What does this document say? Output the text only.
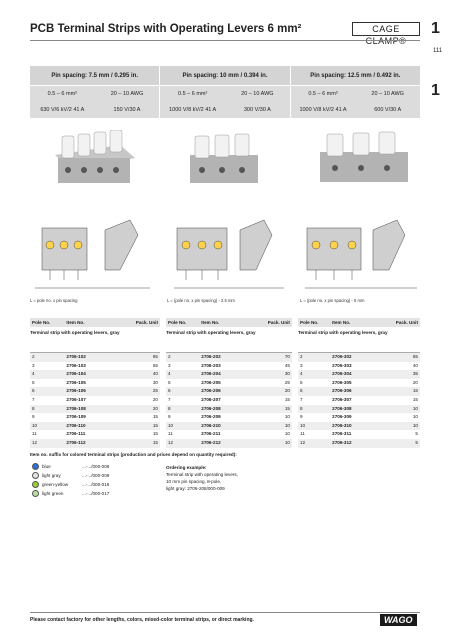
PCB Terminal Strips with Operating Levers 6 mm²	CAGE CLAMP®
1
111
1
Pin spacing: 7.5 mm / 0.295 in.
0.5 – 6 mm²	20 – 10 AWG
630 V/6 kV/2 41 A	150 V/30 A
Pin spacing: 10 mm / 0.394 in.
0.5 – 6 mm²	20 – 10 AWG
1000 V/8 kV/2 41 A	300 V/30 A
Pin spacing: 12.5 mm / 0.492 in.
0.5 – 6 mm²	20 – 10 AWG
1000 V/8 kV/2 41 A	600 V/30 A
L = pole no. x pin spacing	L = (pole no. x pin spacing) - 2.5 mm	L = (pole no. x pin spacing) - 5 mm
Pole No.	Item No.	Pack. Unit
Terminal strip with operating levers, gray
2	2706-102	85
3	2706-103	55
4	2706-104	40
5	2706-105	30
6	2706-106	25
7	2706-107	20
8	2706-108	20
9	2706-109	15
10	2706-110	15
11	2706-111	15
12	2706-112	15
Pole No.	Item No.	Pack. Unit
Terminal strip with operating levers, gray
2	2706-202	70
3	2706-203	45
4	2706-204	30
5	2706-205	25
6	2706-206	20
7	2706-207	15
8	2706-208	15
9	2706-209	10
10	2706-210	10
11	2706-211	10
12	2706-212	10
Pole No.	Item No.	Pack. Unit
Terminal strip with operating levers, gray
2	2706-302	65
3	2706-303	40
4	2706-304	35
5	2706-305	20
6	2706-306	15
7	2706-307	15
8	2706-308	10
9	2706-309	10
10	2706-310	10
11	2706-311	5
12	2706-312	5
Item no. suffix for colored terminal strips (production and prices depend on quantity required):
blue	...-.../000-006
light gray	...-.../000-009
green-yellow	...-.../000-016
light green	...-.../000-017
Ordering example:
Terminal strip with operating levers,
10 mm pin spacing, 8-pole,
light gray: 2706-208/000-009
Please contact factory for other lengths, colors, mixed-color terminal strips, or direct marking.	WAGO
